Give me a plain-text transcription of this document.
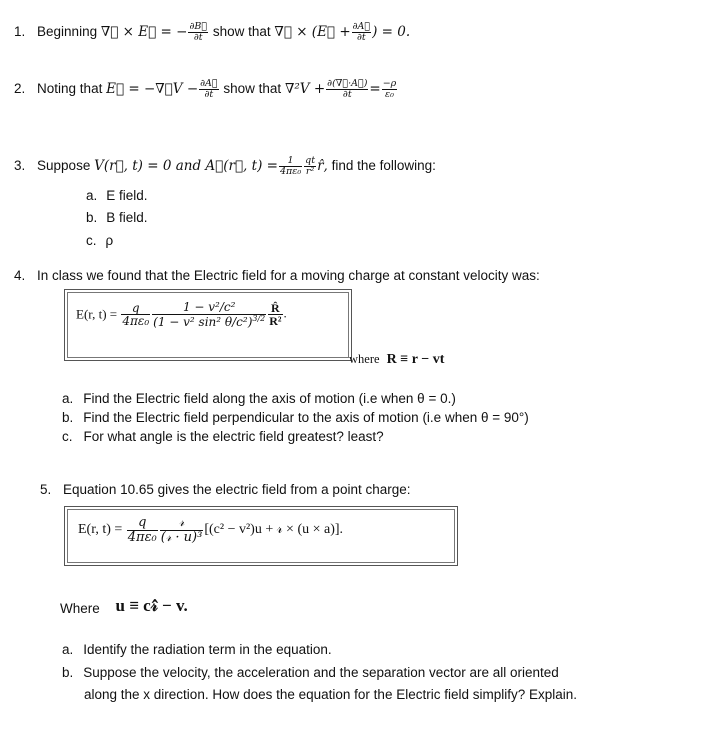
1. Beginning ∇⃗ × E⃗ = − $\frac{\partial B⃗}{\partial t}$ show that ∇⃗ × (E⃗ + $\frac{\partial A⃗}{\partial t}$ ) = 0.
2. Noting that E⃗ = −∇⃗V − $\frac{\partial A⃗}{\partial t}$ show that $\nabla^2V + \frac{\partial(\nabla⃗\cdot A⃗)}{\partial t} = \frac{-\rho}{\text{ε₀}}$
3. Suppose V(r⃗, t) = 0 and A⃗(r⃗, $t) = \frac{1}{\text{4πε₀}} \frac{qt}{\text{r²}}$ r̂, find the following:
a. E field.
b. B field.
c. ρ
4. In class we found that the Electric field for a moving charge at constant velocity was:
E(r, $t) = \frac{q}{\text{4πε₀}} \frac{\text{1 − v²/c²}}{(1 - v^2 \sin^2 \theta/c^2)^{3/2}} \frac{R̂}{\text{R²}}$ .
where R ≡ r − vt
a. Find the Electric field along the axis of motion (i.e when θ = 0.)
b. Find the Electric field perpendicular to the axis of motion (i.e when θ = 90°)
c. For what angle is the electric field greatest? least?
5. Equation 10.65 gives the electric field from a point charge:
E(r, $t) = \frac{q}{\text{4πε₀}} \frac{\text{𝓇}}{\text{(𝓇 · u)³}} [(c^2 - v^2)u$ + 𝓇 × (u × a)].
Where u ≡ c𝓇̂ − v.
a. Identify the radiation term in the equation.
b. Suppose the velocity, the acceleration and the separation vector are all oriented
along the x direction. How does the equation for the Electric field simplify? Explain.
